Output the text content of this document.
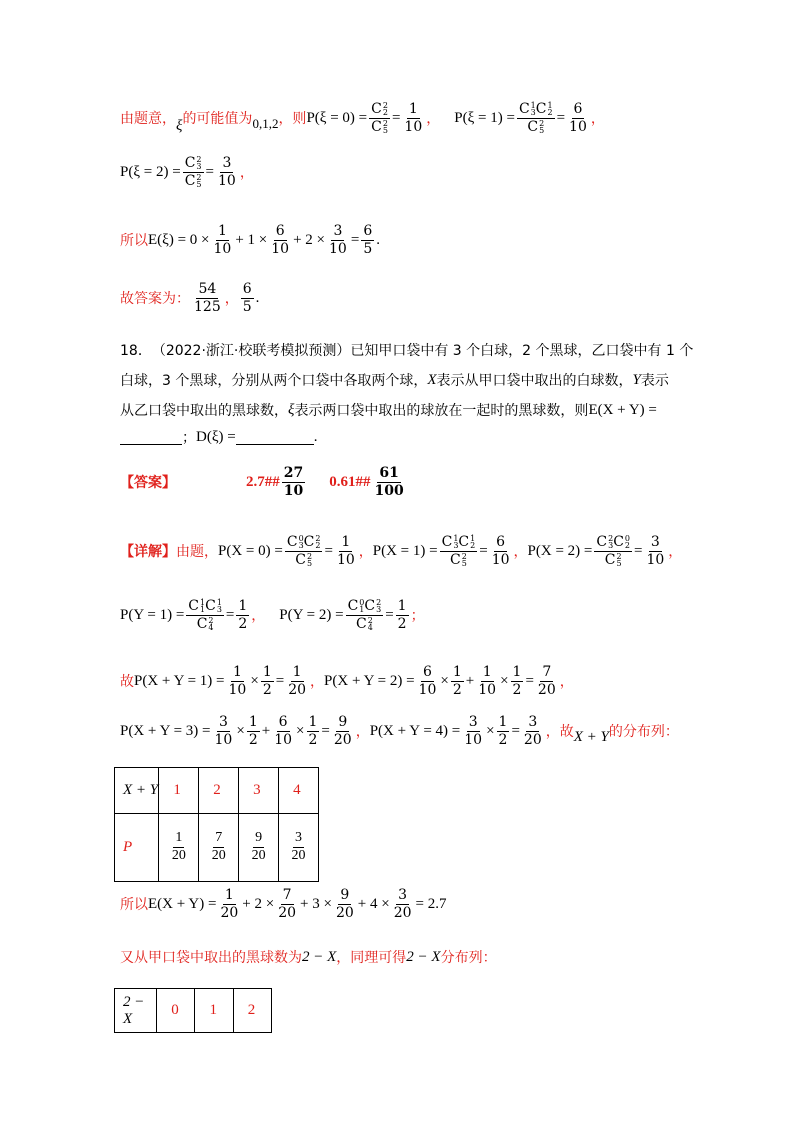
由题意， ξ 的可能值为 0,1,2 ，则 P(ξ = 0) = C 2
2
C 2
$5 = \frac{1}{10}$ ， P(ξ = 1) = C 1
3 C 1
2
C 2
$5 = \frac{6}{10}$ ，
P(ξ = 2) = C 2
3
C 2
$5 = \frac{3}{10}$ ，
所以 $E(\xi) = 0 \times \frac{1}{10} + 1 \times \frac{6}{10} + 2 \times \frac{3}{10} = \frac{6}{5}$ .
故答案为：
54
125 ，
6
5
.
18． （2022·浙江·校联考模拟预测）已知甲口袋中有 3 个白球，2 个黑球，乙口袋中有 1 个
白球，3 个黑球，分别从两个口袋中各取两个球， X 表示从甲口袋中取出的白球数， Y 表示
从乙口袋中取出的黑球数， ξ 表示两口袋中取出的球放在一起时的黑球数，则 E(X + Y) =
； D(ξ) =	.
【答案】	2.7##
27
10
0.61##
61
100
【详解】 由题， P(X = 0) = C 0
3 C 2
2
C 2
$5 = \frac{1}{10}$ ， P(X = 1) = C 1
3 C 1
2
C 2
$5 = \frac{6}{10}$ ， P(X = 2) = C 2
3 C 0
2
C 2
$5 = \frac{3}{10}$ ，
P(Y = 1) = C 1
1 C 1
3
C 2
$4 = \frac{1}{2}$ ， P(Y = 2) = C 0
1 C 2
3
C 2
$4 = \frac{1}{2}$ ；
故 $P(X + Y = 1) = \frac{1}{10} \times \frac{1}{2} = \frac{1}{20}$ ， $P(X + Y = 2) = \frac{6}{10} \times \frac{1}{2} + \frac{1}{10} \times \frac{1}{2} = \frac{7}{20}$ ，
$P(X + Y = 3) = \frac{3}{10} \times \frac{1}{2} + \frac{6}{10} \times \frac{1}{2} = \frac{9}{20}$ ， $P(X + Y = 4) = \frac{3}{10} \times \frac{1}{2} = \frac{3}{20}$ ，故 X + Y 的分布列：
X + Y	1	2	3	4
P	$\frac{1}{20}$	$\frac{7}{20}$	$\frac{9}{20}$	$\frac{3}{20}$
所以 $E(X + Y) = \frac{1}{20} + 2 \times \frac{7}{20} + 3 \times \frac{9}{20} + 4 \times \frac{3}{20} = 2.7$
又从甲口袋中取出的黑球数为 2 − X ，同理可得 2 − X 分布列：
2 − X	0	1	2
